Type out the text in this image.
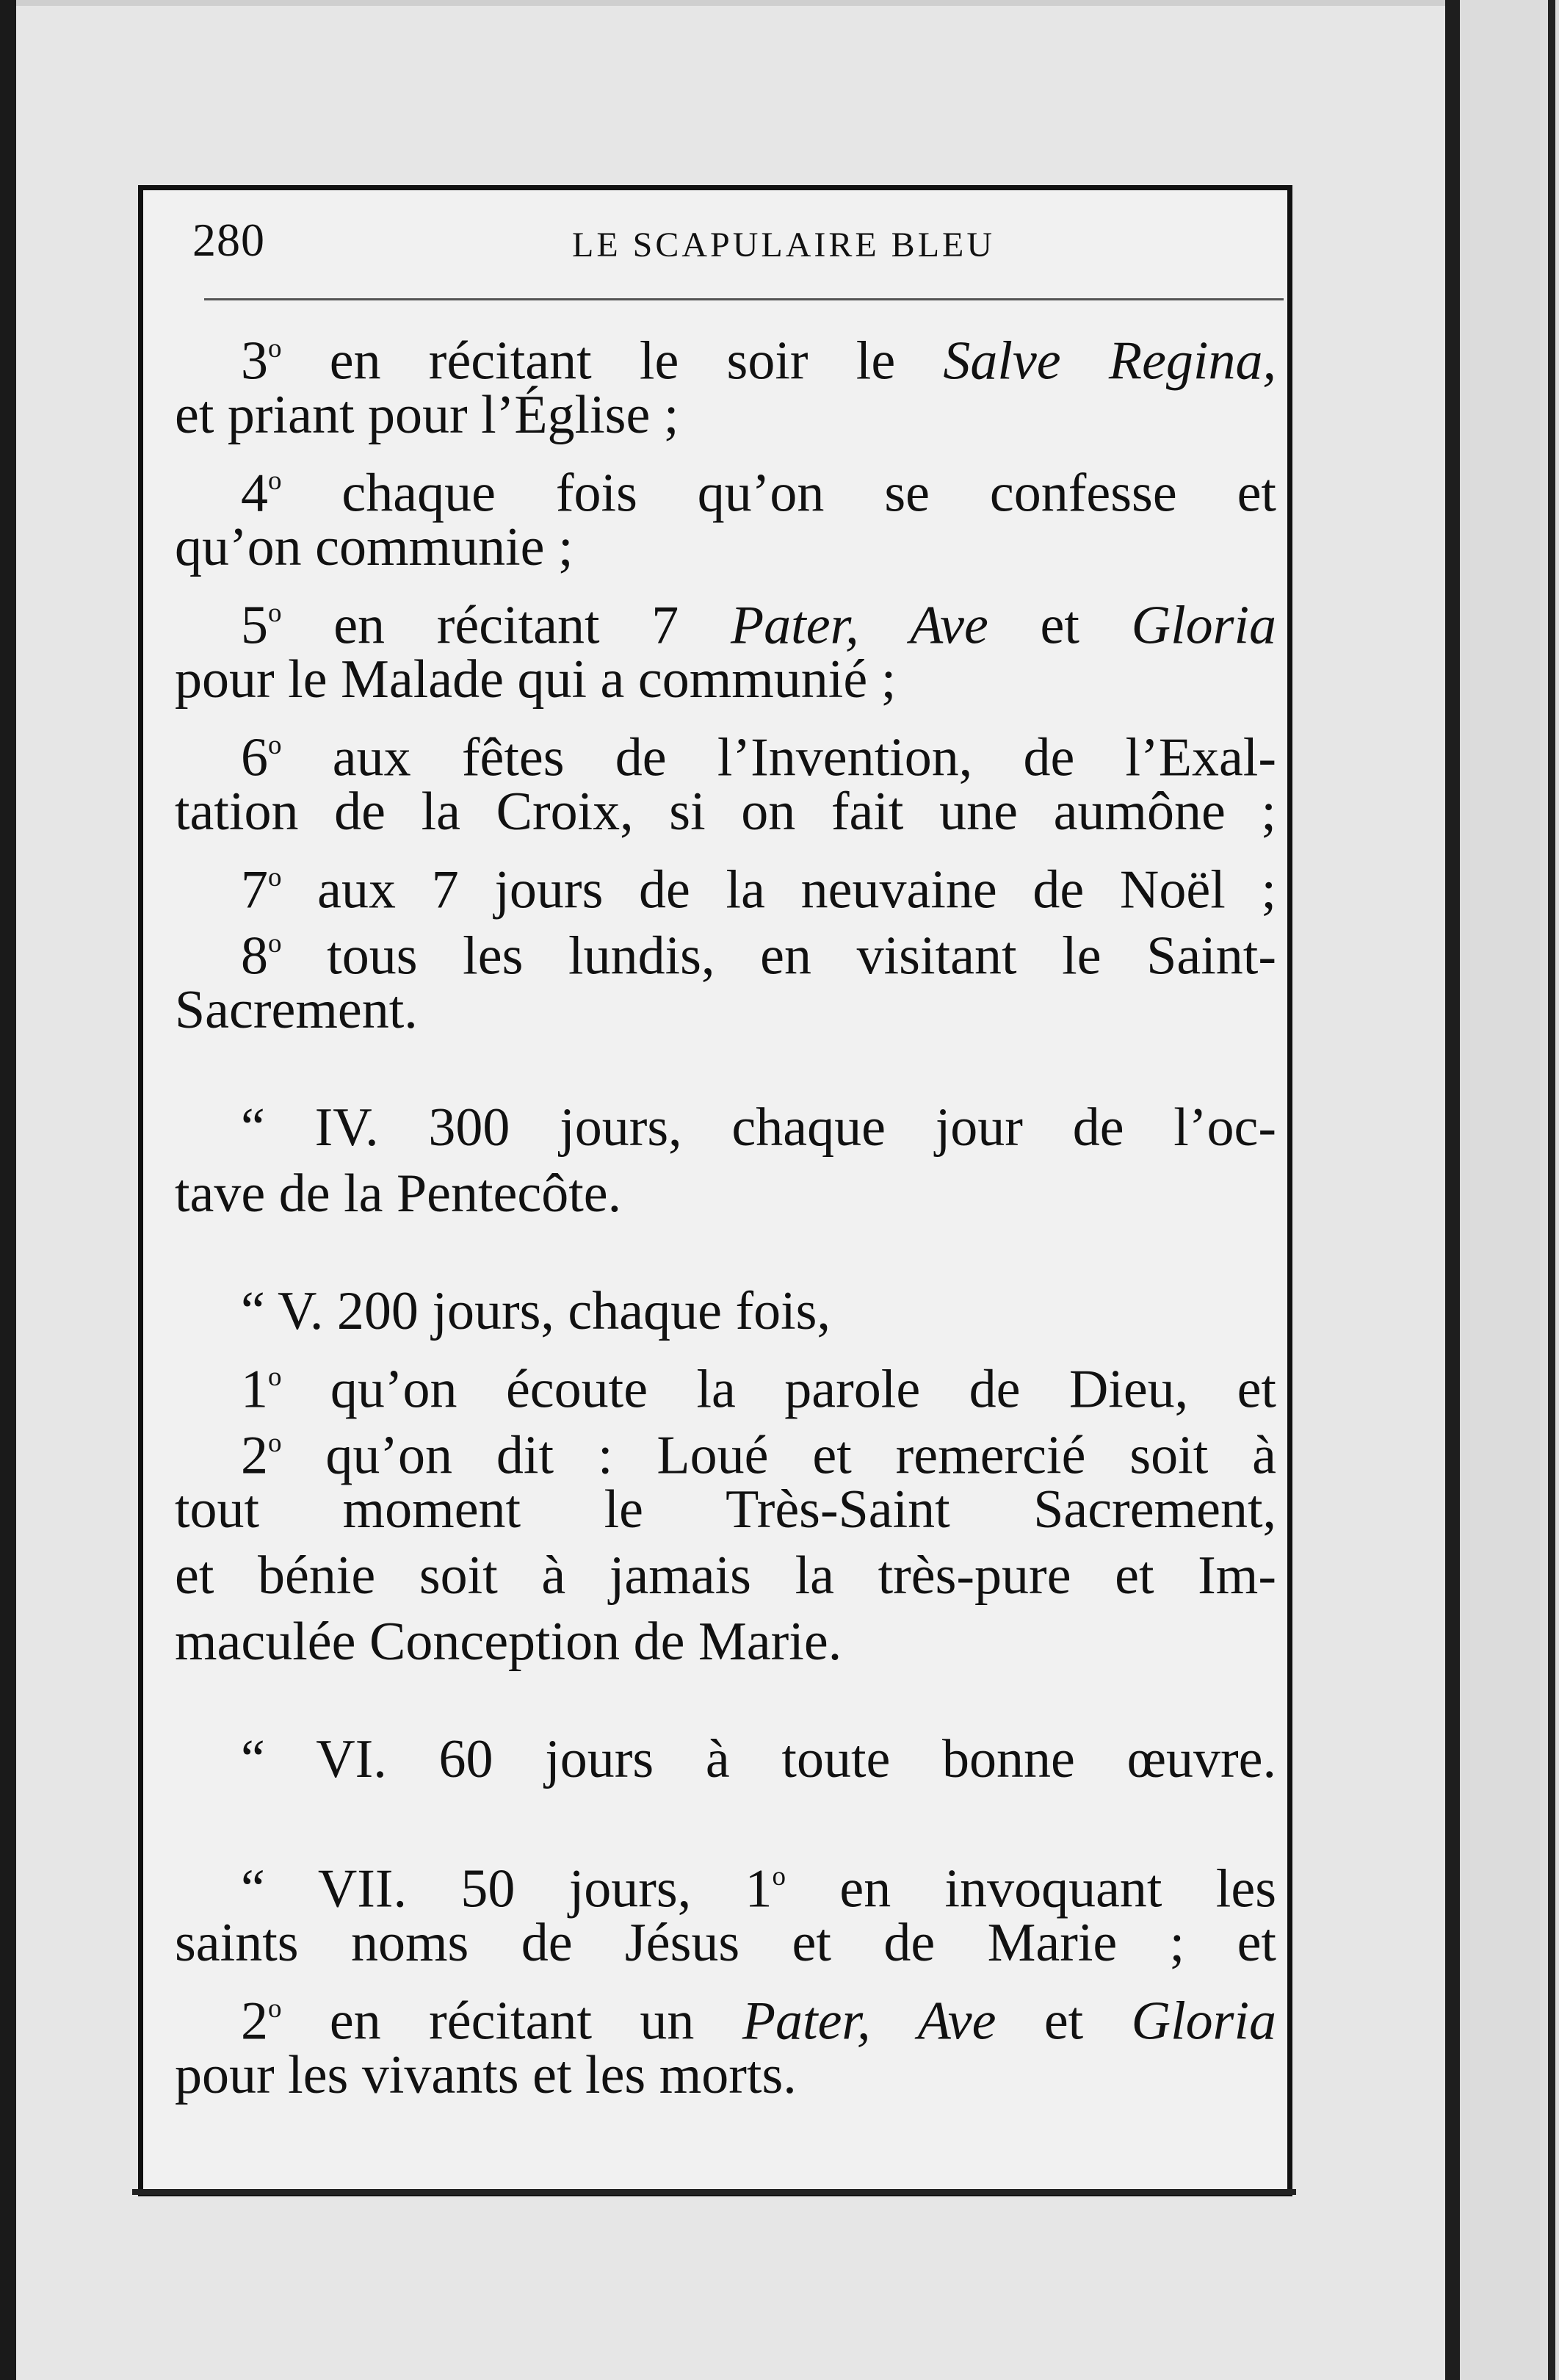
280	LE SCAPULAIRE BLEU
3$^o$ en récitant le soir le Salve Regina,
et priant pour l’Église ;
4$^o$ chaque fois qu’on se confesse et
qu’on communie ;
5$^o$ en récitant 7 Pater, Ave et Gloria
pour le Malade qui a communié ;
6$^o$ aux fêtes de l’Invention, de l’Exal-
tation de la Croix, si on fait une aumône ;
7$^o$ aux 7 jours de la neuvaine de Noël ;
8$^o$ tous les lundis, en visitant le Saint-
Sacrement.
“ IV. 300 jours, chaque jour de l’oc-
tave de la Pentecôte.
“ V. 200 jours, chaque fois,
1$^o$ qu’on écoute la parole de Dieu, et
2$^o$ qu’on dit : Loué et remercié soit à
tout moment le Très-Saint Sacrement,
et bénie soit à jamais la très-pure et Im-
maculée Conception de Marie.
“ VI. 60 jours à toute bonne œuvre.
“ VII. 50 jours, 1$^o$ en invoquant les
saints noms de Jésus et de Marie ; et
2$^o$ en récitant un Pater, Ave et Gloria
pour les vivants et les morts.
